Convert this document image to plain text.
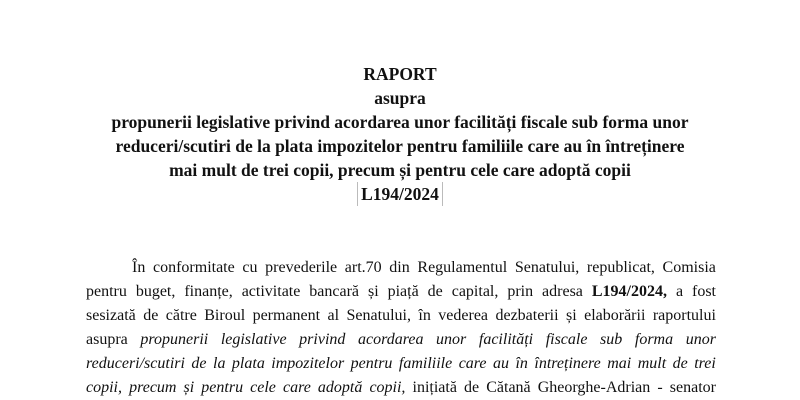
RAPORT
asupra
propunerii legislative privind acordarea unor facilități fiscale sub forma unor
reduceri/scutiri de la plata impozitelor pentru familiile care au în întreținere
mai mult de trei copii, precum și pentru cele care adoptă copii
L194/2024
În conformitate cu prevederile art.70 din Regulamentul Senatului, republicat, Comisia
pentru buget, finanțe, activitate bancară și piață de capital, prin adresa L194/2024, a fost
sesizată de către Biroul permanent al Senatului, în vederea dezbaterii și elaborării raportului
asupra propunerii legislative privind acordarea unor facilități fiscale sub forma unor
reduceri/scutiri de la plata impozitelor pentru familiile care au în întreținere mai mult de trei
copii, precum și pentru cele care adoptă copii, inițiată de Cătană Gheorghe-Adrian - senator
